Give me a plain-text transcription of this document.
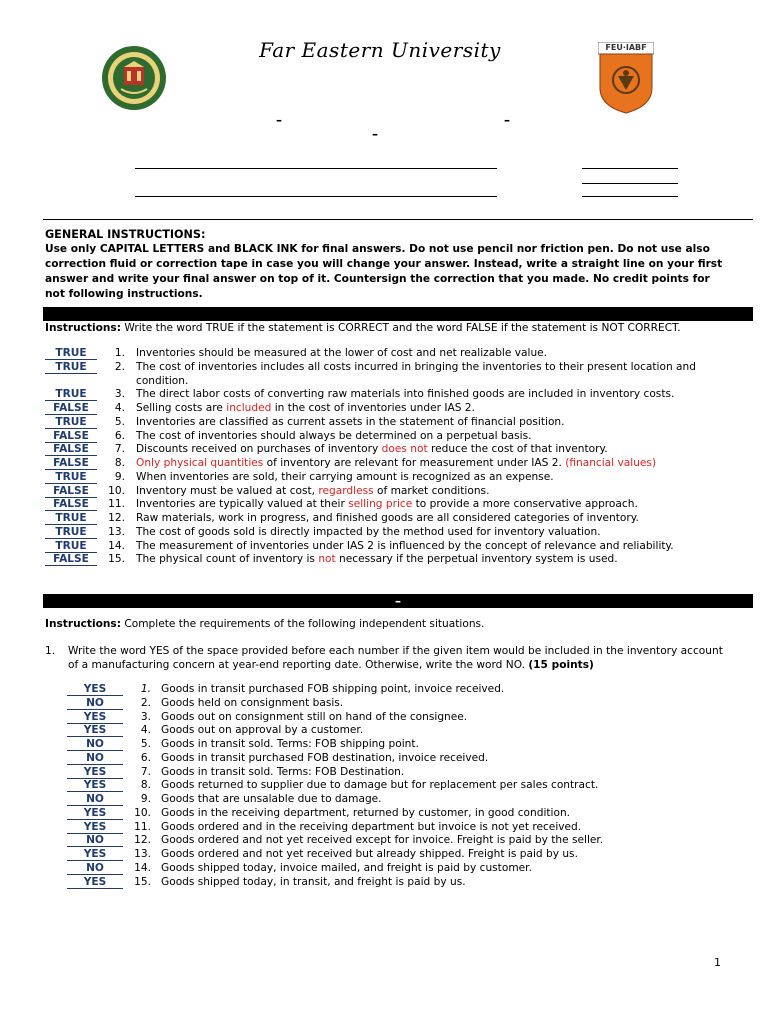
Far Eastern University	FEU·IABF
–	–
–
GENERAL INSTRUCTIONS:
Use only CAPITAL LETTERS and BLACK INK for final answers. Do not use pencil nor friction pen. Do not use also correction fluid or correction tape in case you will change your answer. Instead, write a straight line on your first answer and write your final answer on top of it. Countersign the correction that you made. No credit points for not following instructions.
Instructions: Write the word TRUE if the statement is CORRECT and the word FALSE if the statement is NOT CORRECT.
TRUE	1. Inventories should be measured at the lower of cost and net realizable value.
TRUE	2. The cost of inventories includes all costs incurred in bringing the inventories to their present location and condition.
TRUE	3. The direct labor costs of converting raw materials into finished goods are included in inventory costs.
FALSE	4. Selling costs are included in the cost of inventories under IAS 2.
TRUE	5. Inventories are classified as current assets in the statement of financial position.
FALSE	6. The cost of inventories should always be determined on a perpetual basis.
FALSE	7. Discounts received on purchases of inventory does not reduce the cost of that inventory.
FALSE	8. Only physical quantities of inventory are relevant for measurement under IAS 2. (financial values)
TRUE	9. When inventories are sold, their carrying amount is recognized as an expense.
FALSE	10. Inventory must be valued at cost, regardless of market conditions.
FALSE	11. Inventories are typically valued at their selling price to provide a more conservative approach.
TRUE	12. Raw materials, work in progress, and finished goods are all considered categories of inventory.
TRUE	13. The cost of goods sold is directly impacted by the method used for inventory valuation.
TRUE	14. The measurement of inventories under IAS 2 is influenced by the concept of relevance and reliability.
FALSE	15. The physical count of inventory is not necessary if the perpetual inventory system is used.
–
Instructions: Complete the requirements of the following independent situations.
1. Write the word YES of the space provided before each number if the given item would be included in the inventory account of a manufacturing concern at year-end reporting date. Otherwise, write the word NO. (15 points)
YES	1. Goods in transit purchased FOB shipping point, invoice received.
NO	2. Goods held on consignment basis.
YES	3. Goods out on consignment still on hand of the consignee.
YES	4. Goods out on approval by a customer.
NO	5. Goods in transit sold. Terms: FOB shipping point.
NO	6. Goods in transit purchased FOB destination, invoice received.
YES	7. Goods in transit sold. Terms: FOB Destination.
YES	8. Goods returned to supplier due to damage but for replacement per sales contract.
NO	9. Goods that are unsalable due to damage.
YES	10. Goods in the receiving department, returned by customer, in good condition.
YES	11. Goods ordered and in the receiving department but invoice is not yet received.
NO	12. Goods ordered and not yet received except for invoice. Freight is paid by the seller.
YES	13. Goods ordered and not yet received but already shipped. Freight is paid by us.
NO	14. Goods shipped today, invoice mailed, and freight is paid by customer.
YES	15. Goods shipped today, in transit, and freight is paid by us.
1
